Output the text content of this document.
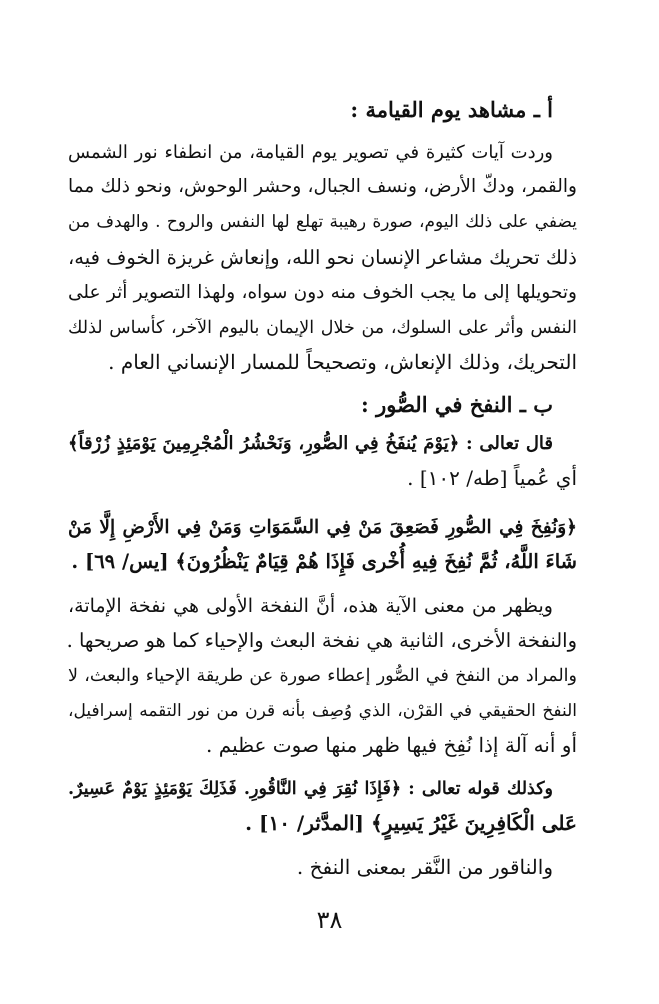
أ ـ مشاهد يوم القيامة :
وردت آيات كثيرة في تصوير يوم القيامة، من انطفاء نور الشمس
والقمر، ودكّ الأرض، ونسف الجبال، وحشر الوحوش، ونحو ذلك مما
يضفي على ذلك اليوم، صورة رهيبة تهلع لها النفس والروح . والهدف من
ذلك تحريك مشاعر الإنسان نحو الله، وإنعاش غريزة الخوف فيه،
وتحويلها إلى ما يجب الخوف منه دون سواه، ولهذا التصوير أثر على
النفس وأثر على السلوك، من خلال الإيمان باليوم الآخر، كأساس لذلك
التحريك، وذلك الإنعاش، وتصحيحاً للمسار الإنساني العام .
ب ـ النفخ في الصُّور :
قال تعالى : ﴿يَوْمَ يُنفَخُ فِي الصُّورِ، وَنَحْشُرُ الْمُجْرِمِينَ يَوْمَئِذٍ زُرْقاً﴾
أي عُمياً [طه/ ١٠٢] .
﴿وَنُفِخَ فِي الصُّورِ فَصَعِقَ مَنْ فِي السَّمَوَاتِ وَمَنْ فِي الأَرْضِ إِلَّا مَنْ
شَاءَ اللَّهُ، ثُمَّ نُفِخَ فِيهِ أُخْرى فَإِذَا هُمْ قِيَامٌ يَنْظُرُونَ﴾ [يس/ ٦٩] .
ويظهر من معنى الآية هذه، أنَّ النفخة الأولى هي نفخة الإماتة،
والنفخة الأخرى، الثانية هي نفخة البعث والإحياء كما هو صريحها .
والمراد من النفخ في الصُّور إعطاء صورة عن طريقة الإحياء والبعث، لا
النفخ الحقيقي في القرْن، الذي وُصِف بأنه قرن من نور التقمه إسرافيل،
أو أنه آلة إذا نُفِخ فيها ظهر منها صوت عظيم .
وكذلك قوله تعالى : ﴿فَإِذَا نُقِرَ فِي النَّاقُورِ. فَذَلِكَ يَوْمَئِذٍ يَوْمٌ عَسِيرٌ.
عَلى الْكَافِرِينَ غَيْرُ يَسِيرٍ﴾ [المدَّثر/ ١٠] .
والناقور من النَّقر بمعنى النفخ .
٣٨
